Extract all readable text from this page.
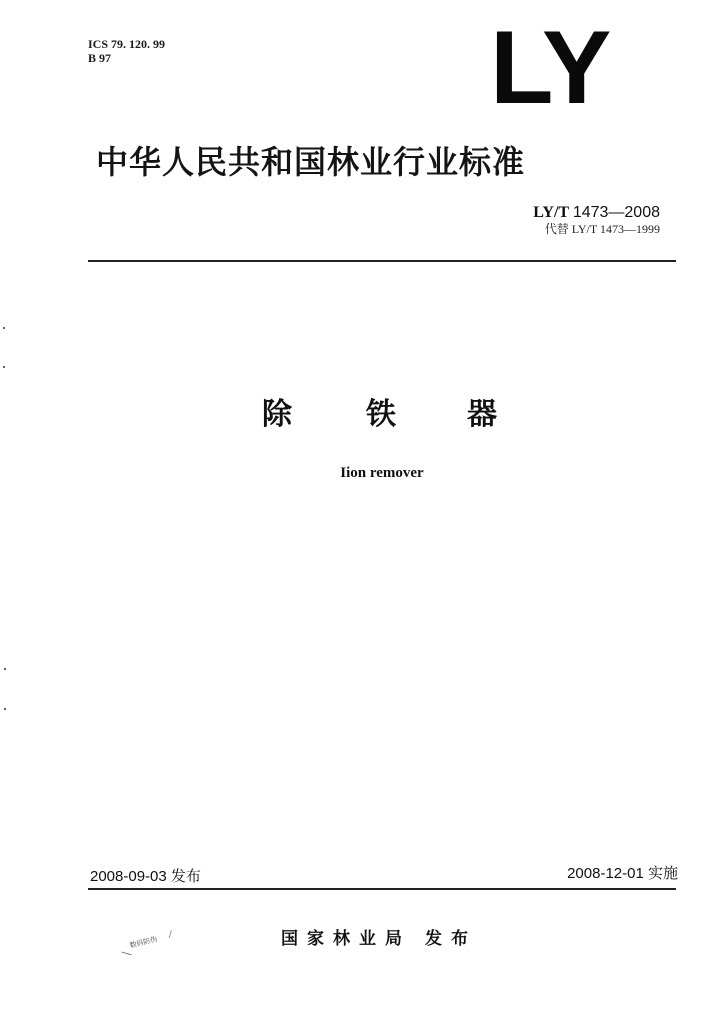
ICS 79. 120. 99
B 97	LY
中华人民共和国林业行业标准
LY/T 1473—2008
代替 LY/T 1473—1999
除 铁 器
Iion remover
2008-09-03 发布	2008-12-01 实施
数码防伪	国家林业局 发布
